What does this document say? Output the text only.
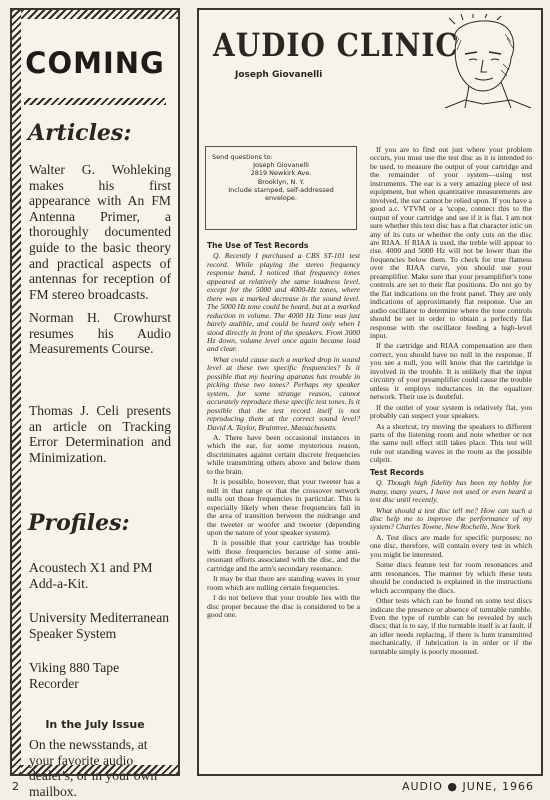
COMING
Articles:

Walter G. Wohleking makes his first appearance with An FM Antenna Primer, a thoroughly documented guide to the basic theory and practical aspects of antennas for reception of FM stereo broadcasts.

Norman H. Crowhurst resumes his Audio Measurements Course.

Thomas J. Celi presents an article on Tracking Error Determination and Minimization.

Profiles:

Acoustech X1 and PM Add-a-Kit.

University Mediterranean Speaker System

Viking 880 Tape Recorder

In the July Issue

On the newsstands, at your favorite audio dealer's, or in your own mailbox.

AUDIO CLINIC
Joseph Giovanelli
Send questions to:
Joseph Giovanelli
2819 Newkirk Ave.
Brooklyn, N. Y.
Include stamped, self-addressed
envelope.
The Use of Test Records

Q. Recently I purchased a CBS ST-101 test record. While playing the stereo frequency response band, I noticed that frequency tones appeared at relatively the same loudness level, except for the 5000 and 4000-Hz tones, where there was a marked decrease in the sound level. The 5000 Hz tone could be heard, but at a marked reduction in volume. The 4000 Hz Tone was just barely audible, and could be heard only when I stood directly in front of the speakers. From 3000 Hz down, volume level once again became loud and clear.

What could cause such a marked drop in sound level at these two specific frequencies? Is it possible that my hearing aparatus has trouble in picking these two tones? Perhaps my speaker system, for some strange reason, cannot accurately reproduce these specific test tones. Is it possible that the test record itself is not reproducing them at the correct sound level? David A. Taylor, Braintree, Massachusetts.

A. There have been occasional instances in which the ear, for some mysterious reason, discriminates against certain discrete frequencies while transmitting others above and below them to the brain.

It is possible, however, that your tweeter has a null in that range or that the crossover network nulls out those frequencies in particular. This is especially likely when these frequencies fall in the area of transition between the midrange and the tweeter or woofer and tweeter (depending upon the nature of your speaker system).

It is possible that your cartridge has trouble with those frequencies because of some anti-resonant efforts associated with the disc, and the cartridge and the arm's secondary resonance.

It may be that there are standing waves in your room which are nulling certain frequencies.

I do not believe that your trouble lies with the disc proper because the disc is considered to be a good one.

If you are to find out just where your problem occurs, you must use the test disc as it is intended to be used, to measure the output of your cartridge and the remainder of your system—using test instruments. The ear is a very amazing piece of test equipment, but when quantitative measurements are involved, the ear cannot be relied upon. If you have a good a.c. VTVM or a 'scope, connect this to the output of your cartridge and see if it is flat. I am not sure whether this test disc has a flat character istic on any of its cuts or whether the only cuts on the disc are RIAA. If RIAA is used, the treble will appear to rise. 4000 and 5000 Hz will not be lower than the frequencies below them. To check for true flatness over the RIAA curve, you should use your preamplifier. Make sure that your preamplifier's tone controls are set to their flat positions. Do not go by the flat indications on the front panel. They are only indications of approximately flat response. Use an audio oscillator to determine where the tone controls should be set in order to obtain a perfectly flat response with the oscillator feeding a high-level input.

If the cartridge and RIAA compensation are then correct, you should have no null in the response. If you see a null, you will know that the cartridge is involved in the trouble. It is unlikely that the input circuitry of your preamplifier could cause the trouble unless it employs inductances in the equalizer network. Their use is doubtful.

If the outlet of your system is relatively flat, you probably can suspect your speakers.

As a shortcut, try moving the speakers to different parts of the listening room and note whether or not the same null effect still takes place. This test will rule out standing waves in the room as the possible culprit.

Test Records

Q. Though high fidelity has been my hobby for many, many years, I have not used or even heard a test disc until recently.

What should a test disc tell me? How can such a disc help me to improve the performance of my system? Charles Towne, New Rochelle, New York

A. Test discs are made for specific purposes; no one disc, therefore, will contain every test in which you might be interested.

Some discs feature test for room resonances and arm resonances. The manner by which these tests should be conducted is explained in the instructions which accompany the discs.

Other tests which can be found on some test discs indicate the presence or absence of turntable rumble. Even the type of rumble can be revealed by such discs; that is to say, if the turntable itself is at fault, if an idler needs replacing, if there is hum transmitted mechanically, if lubrication is in order or if the turntable simply is poorly mounted.

2	AUDIO ● JUNE, 1966
